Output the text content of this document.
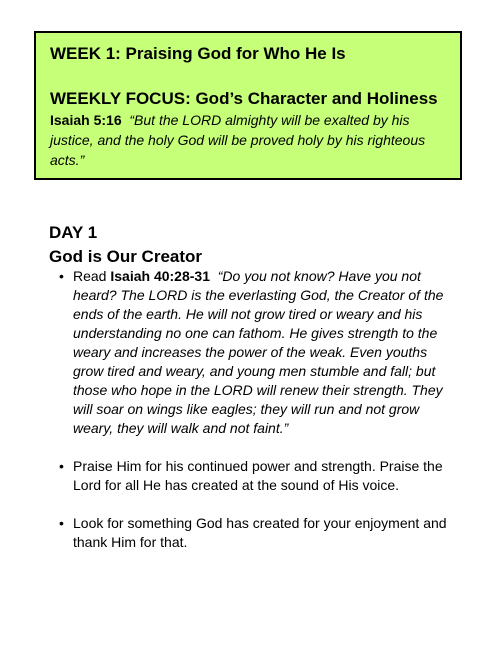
WEEK 1: Praising God for Who He Is

WEEKLY FOCUS: God’s Character and Holiness

Isaiah 5:16 “But the LORD almighty will be exalted by his justice, and the holy God will be proved holy by his righteous acts.”

DAY 1

God is Our Creator

• Read Isaiah 40:28-31 “Do you not know? Have you not heard? The LORD is the everlasting God, the Creator of the ends of the earth. He will not grow tired or weary and his understanding no one can fathom. He gives strength to the weary and increases the power of the weak. Even youths grow tired and weary, and young men stumble and fall; but those who hope in the LORD will renew their strength. They will soar on wings like eagles; they will run and not grow weary, they will walk and not faint.”
• Praise Him for his continued power and strength. Praise the Lord for all He has created at the sound of His voice.
• Look for something God has created for your enjoyment and thank Him for that.
